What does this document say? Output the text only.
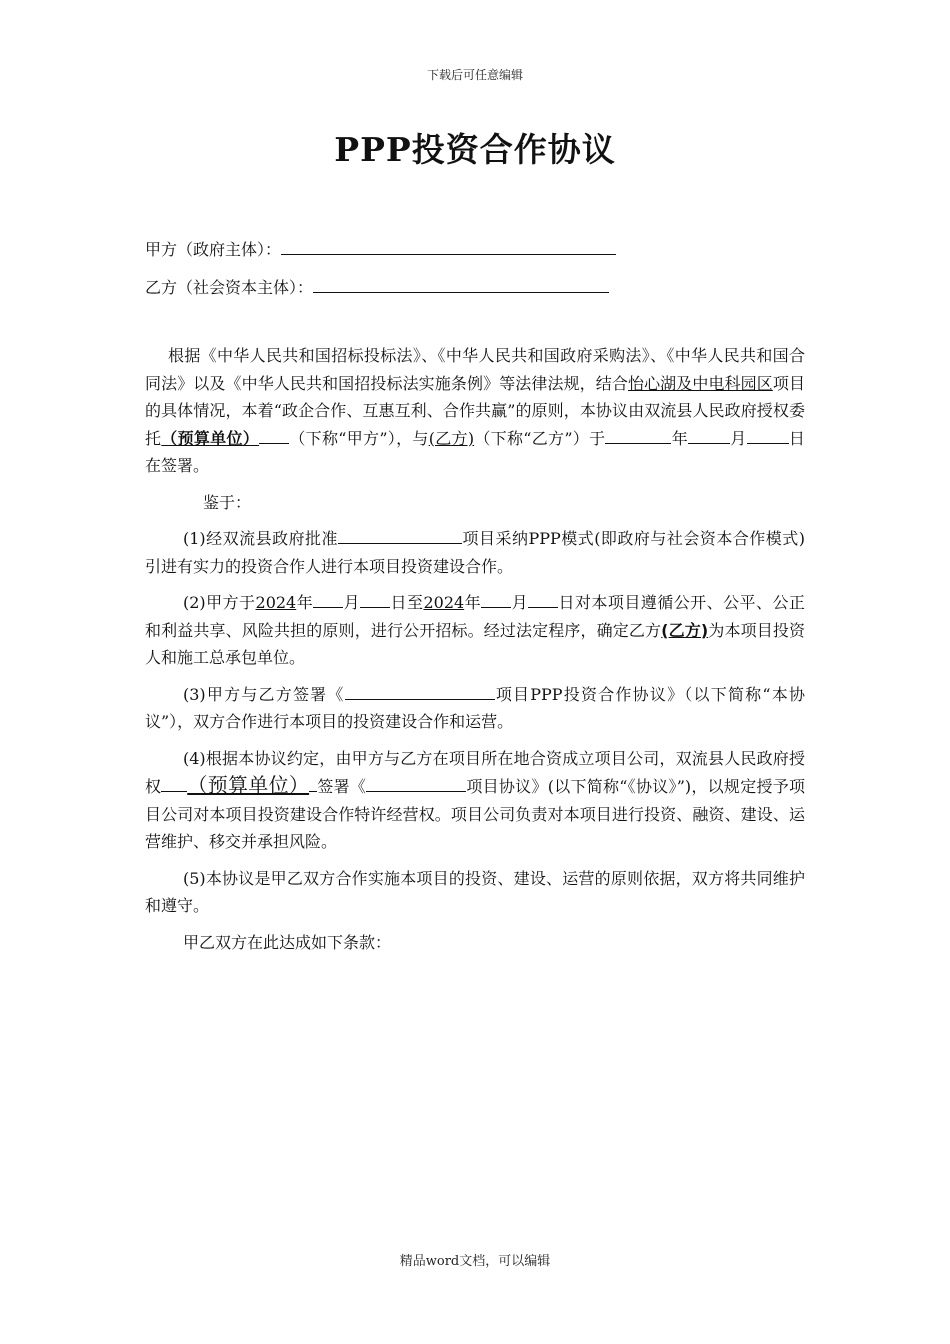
下载后可任意编辑
PPP投资合作协议
甲方（政府主体）：
乙方（社会资本主体）：

根据《中华人民共和国招标投标法》、《中华人民共和国政府采购法》、《中华人民共和国合同法》以及《中华人民共和国招投标法实施条例》等法律法规，结合怡心湖及中电科园区项目的具体情况，本着“政企合作、互惠互利、合作共赢”的原则，本协议由双流县人民政府授权委托（预算单位） （下称“甲方”），与(乙方)（下称“乙方”）于	年	月	日在签署。

鉴于：

(1)经双流县政府批准	项目采纳PPP模式(即政府与社会资本合作模式)引进有实力的投资合作人进行本项目投资建设合作。

(2)甲方于2024年 月 日至2024年 月 日对本项目遵循公开、公平、公正和利益共享、风险共担的原则，进行公开招标。经过法定程序，确定乙方(乙方)为本项目投资人和施工总承包单位。

(3)甲方与乙方签署《	项目PPP投资合作协议》（以下简称“本协议”），双方合作进行本项目的投资建设合作和运营。

(4)根据本协议约定，由甲方与乙方在项目所在地合资成立项目公司，双流县人民政府授权 （预算单位） 签署《	项目协议》(以下简称“《协议》”)，以规定授予项目公司对本项目投资建设合作特许经营权。项目公司负责对本项目进行投资、融资、建设、运营维护、移交并承担风险。

(5)本协议是甲乙双方合作实施本项目的投资、建设、运营的原则依据，双方将共同维护和遵守。

甲乙双方在此达成如下条款：

精品word文档，可以编辑
